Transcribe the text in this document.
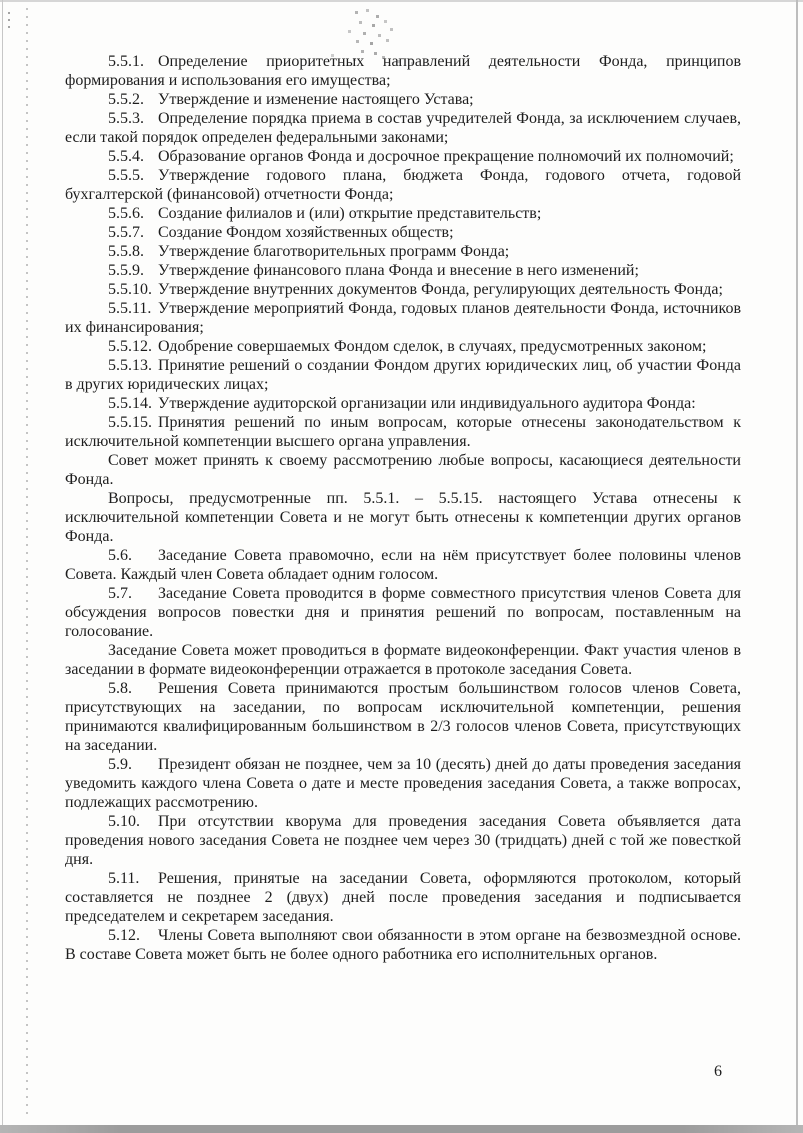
5.5.1. Определение приоритетных направлений деятельности Фонда, принципов формирования и использования его имущества;

5.5.2. Утверждение и изменение настоящего Устава;

5.5.3. Определение порядка приема в состав учредителей Фонда, за исключением случаев, если такой порядок определен федеральными законами;

5.5.4. Образование органов Фонда и досрочное прекращение полномочий их полномочий;

5.5.5. Утверждение годового плана, бюджета Фонда, годового отчета, годовой бухгалтерской (финансовой) отчетности Фонда;

5.5.6. Создание филиалов и (или) открытие представительств;

5.5.7. Создание Фондом хозяйственных обществ;

5.5.8. Утверждение благотворительных программ Фонда;

5.5.9. Утверждение финансового плана Фонда и внесение в него изменений;

5.5.10. Утверждение внутренних документов Фонда, регулирующих деятельность Фонда;

5.5.11. Утверждение мероприятий Фонда, годовых планов деятельности Фонда, источников их финансирования;

5.5.12. Одобрение совершаемых Фондом сделок, в случаях, предусмотренных законом;

5.5.13. Принятие решений о создании Фондом других юридических лиц, об участии Фонда в других юридических лицах;

5.5.14. Утверждение аудиторской организации или индивидуального аудитора Фонда:

5.5.15. Принятия решений по иным вопросам, которые отнесены законодательством к исключительной компетенции высшего органа управления.

Совет может принять к своему рассмотрению любые вопросы, касающиеся деятельности Фонда.

Вопросы, предусмотренные пп. 5.5.1. – 5.5.15. настоящего Устава отнесены к исключительной компетенции Совета и не могут быть отнесены к компетенции других органов Фонда.

5.6. Заседание Совета правомочно, если на нём присутствует более половины членов Совета. Каждый член Совета обладает одним голосом.

5.7. Заседание Совета проводится в форме совместного присутствия членов Совета для обсуждения вопросов повестки дня и принятия решений по вопросам, поставленным на голосование.

Заседание Совета может проводиться в формате видеоконференции. Факт участия членов в заседании в формате видеоконференции отражается в протоколе заседания Совета.

5.8. Решения Совета принимаются простым большинством голосов членов Совета, присутствующих на заседании, по вопросам исключительной компетенции, решения принимаются квалифицированным большинством в 2/3 голосов членов Совета, присутствующих на заседании.

5.9. Президент обязан не позднее, чем за 10 (десять) дней до даты проведения заседания уведомить каждого члена Совета о дате и месте проведения заседания Совета, а также вопросах, подлежащих рассмотрению.

5.10. При отсутствии кворума для проведения заседания Совета объявляется дата проведения нового заседания Совета не позднее чем через 30 (тридцать) дней с той же повесткой дня.

5.11. Решения, принятые на заседании Совета, оформляются протоколом, который составляется не позднее 2 (двух) дней после проведения заседания и подписывается председателем и секретарем заседания.

5.12. Члены Совета выполняют свои обязанности в этом органе на безвозмездной основе. В составе Совета может быть не более одного работника его исполнительных органов.

6
